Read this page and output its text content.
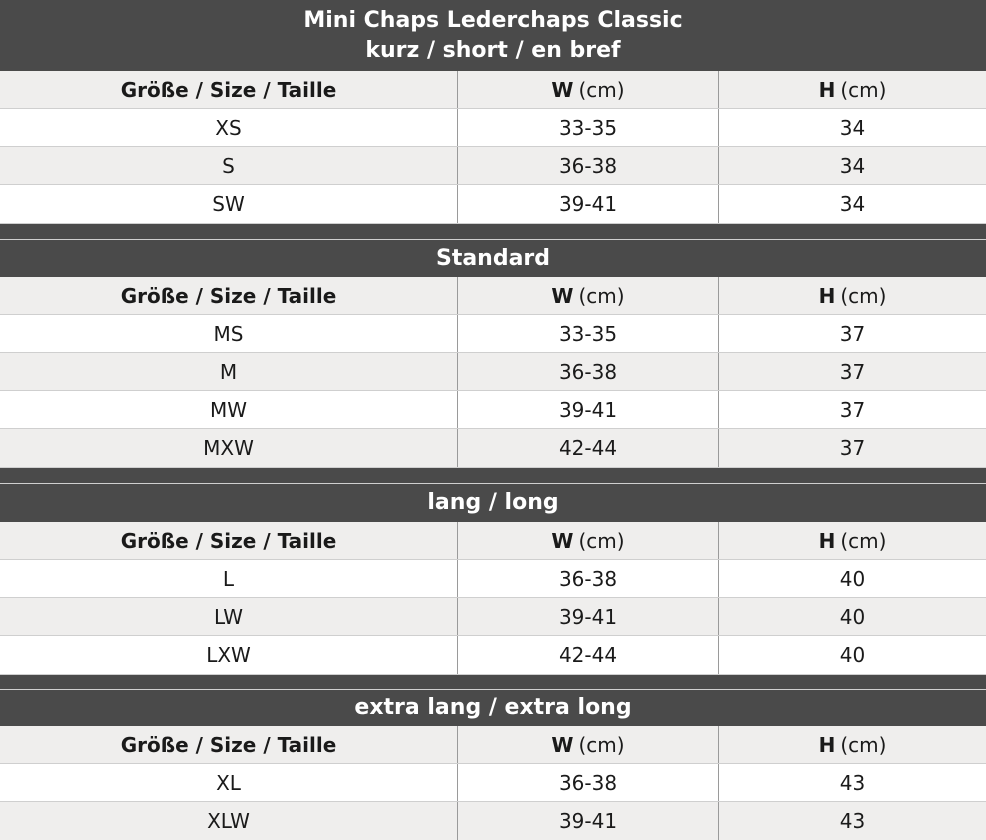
Mini Chaps Lederchaps Classic
kurz / short / en bref
Größe / Size / Taille	W (cm)	H (cm)
XS	33-35	34
S	36-38	34
SW	39-41	34
Standard
Größe / Size / Taille	W (cm)	H (cm)
MS	33-35	37
M	36-38	37
MW	39-41	37
MXW	42-44	37
lang / long
Größe / Size / Taille	W (cm)	H (cm)
L	36-38	40
LW	39-41	40
LXW	42-44	40
extra lang / extra long
Größe / Size / Taille	W (cm)	H (cm)
XL	36-38	43
XLW	39-41	43
